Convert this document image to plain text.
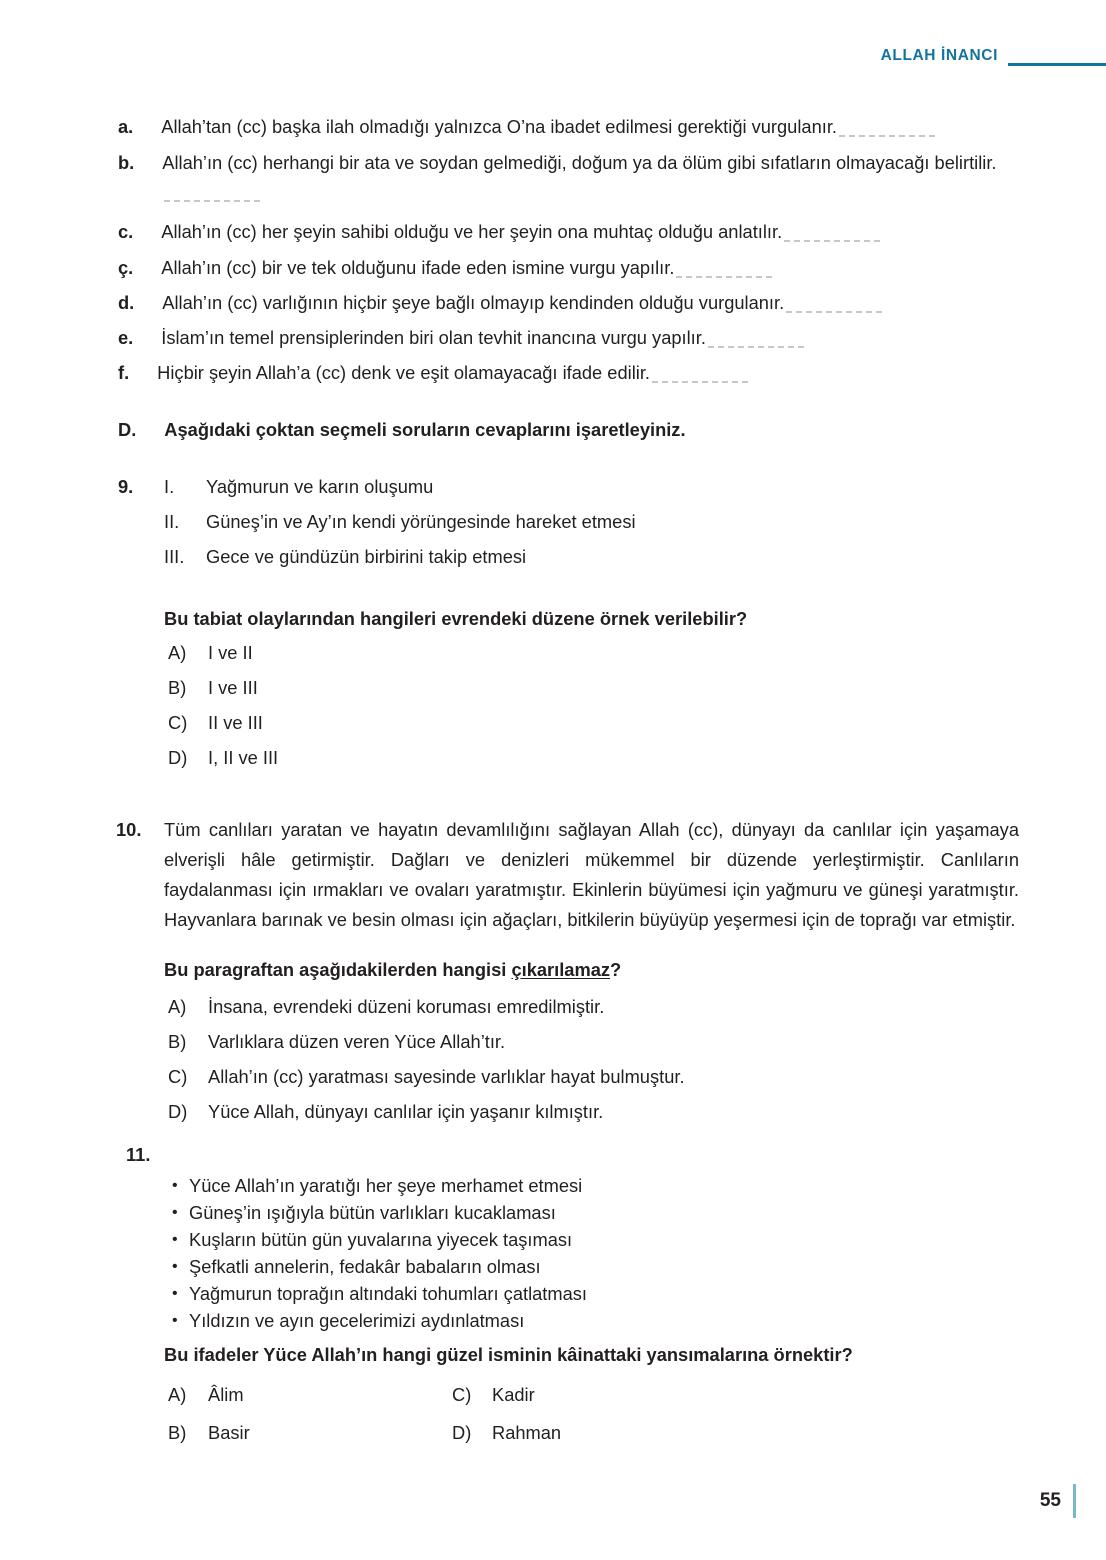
ALLAH İNANCI
a. Allah’tan (cc) başka ilah olmadığı yalnızca O’na ibadet edilmesi gerektiği vurgulanır.
b. Allah’ın (cc) herhangi bir ata ve soydan gelmediği, doğum ya da ölüm gibi sıfatların olmayacağı belirtilir.
c. Allah’ın (cc) her şeyin sahibi olduğu ve her şeyin ona muhtaç olduğu anlatılır.
ç. Allah’ın (cc) bir ve tek olduğunu ifade eden ismine vurgu yapılır.
d. Allah’ın (cc) varlığının hiçbir şeye bağlı olmayıp kendinden olduğu vurgulanır.
e. İslam’ın temel prensiplerinden biri olan tevhit inancına vurgu yapılır.
f. Hiçbir şeyin Allah’a (cc) denk ve eşit olamayacağı ifade edilir.
D. Aşağıdaki çoktan seçmeli soruların cevaplarını işaretleyiniz.
9. I.	Yağmurun ve karın oluşumu
II.	Güneş’in ve Ay’ın kendi yörüngesinde hareket etmesi
III.	Gece ve gündüzün birbirini takip etmesi
Bu tabiat olaylarından hangileri evrendeki düzene örnek verilebilir?
A)	I ve II
B)	I ve III
C)	II ve III
D)	I, II ve III
10. Tüm canlıları yaratan ve hayatın devamlılığını sağlayan Allah (cc), dünyayı da canlılar için yaşamaya elverişli hâle getirmiştir. Dağları ve denizleri mükemmel bir düzende yerleştirmiştir. Canlıların faydalanması için ırmakları ve ovaları yaratmıştır. Ekinlerin büyümesi için yağmuru ve güneşi yaratmıştır. Hayvanlara barınak ve besin olması için ağaçları, bitkilerin büyüyüp yeşermesi için de toprağı var etmiştir.
Bu paragraftan aşağıdakilerden hangisi çıkarılamaz?
A)	İnsana, evrendeki düzeni koruması emredilmiştir.
B)	Varlıklara düzen veren Yüce Allah’tır.
C)	Allah’ın (cc) yaratması sayesinde varlıklar hayat bulmuştur.
D)	Yüce Allah, dünyayı canlılar için yaşanır kılmıştır.
11.
• Yüce Allah’ın yaratığı her şeye merhamet etmesi
• Güneş’in ışığıyla bütün varlıkları kucaklaması
• Kuşların bütün gün yuvalarına yiyecek taşıması
• Şefkatli annelerin, fedakâr babaların olması
• Yağmurun toprağın altındaki tohumları çatlatması
• Yıldızın ve ayın gecelerimizi aydınlatması
Bu ifadeler Yüce Allah’ın hangi güzel isminin kâinattaki yansımalarına örnektir?
A)	Âlim
B)	Basir
C)	Kadir
D)	Rahman
55
